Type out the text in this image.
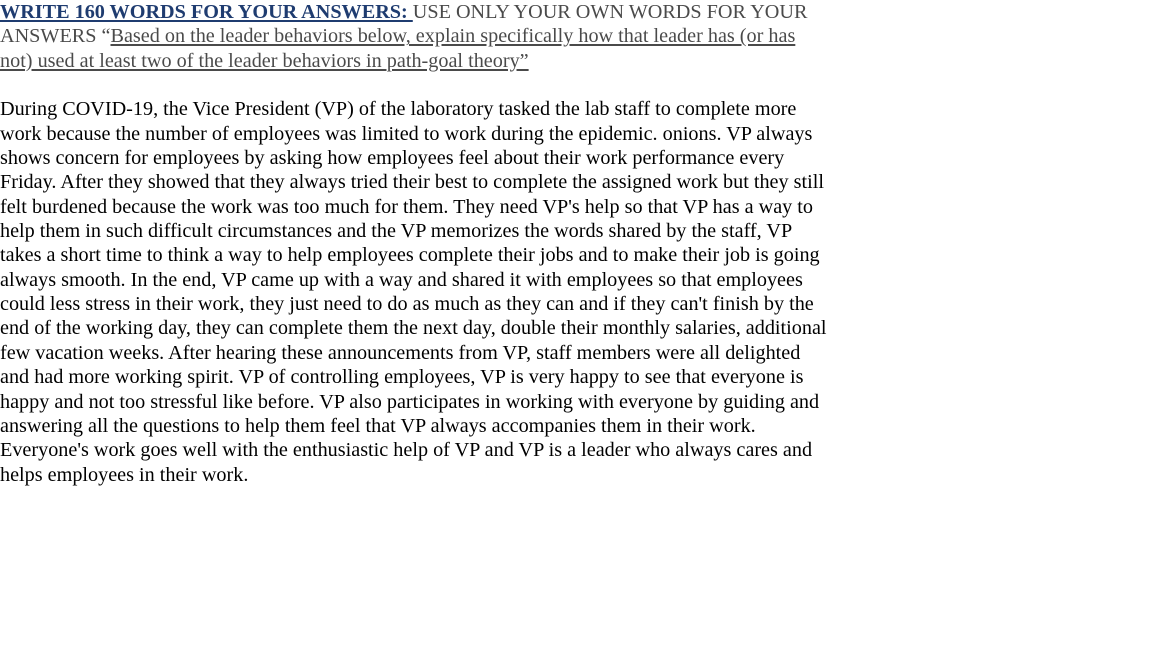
WRITE 160 WORDS FOR YOUR ANSWERS: USE ONLY YOUR OWN WORDS FOR YOUR ANSWERS “Based on the leader behaviors below, explain specifically how that leader has (or has not) used at least two of the leader behaviors in path-goal theory”

During COVID-19, the Vice President (VP) of the laboratory tasked the lab staff to complete more work because the number of employees was limited to work during the epidemic. onions. VP always shows concern for employees by asking how employees feel about their work performance every Friday. After they showed that they always tried their best to complete the assigned work but they still felt burdened because the work was too much for them. They need VP's help so that VP has a way to help them in such difficult circumstances and the VP memorizes the words shared by the staff, VP takes a short time to think a way to help employees complete their jobs and to make their job is going always smooth. In the end, VP came up with a way and shared it with employees so that employees could less stress in their work, they just need to do as much as they can and if they can't finish by the end of the working day, they can complete them the next day, double their monthly salaries, additional few vacation weeks. After hearing these announcements from VP, staff members were all delighted and had more working spirit. VP of controlling employees, VP is very happy to see that everyone is happy and not too stressful like before. VP also participates in working with everyone by guiding and answering all the questions to help them feel that VP always accompanies them in their work. Everyone's work goes well with the enthusiastic help of VP and VP is a leader who always cares and helps employees in their work.
